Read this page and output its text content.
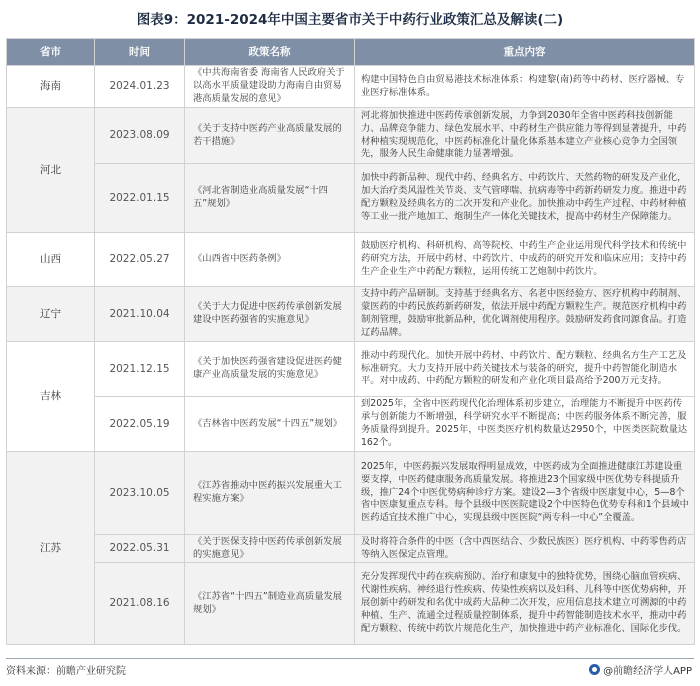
图表9：2021-2024年中国主要省市关于中药行业政策汇总及解读(二)
省市	时间	政策名称	重点内容
海南	2024.01.23	《中共海南省委 海南省人民政府关于以高水平质量建设助力海南自由贸易港高质量发展的意见》	构建中国特色自由贸易港技术标准体系：构建黎(南)药等中药材、医疗器械、专业医疗标准体系。
河北	2023.08.09	《关于支持中医药产业高质量发展的若干措施》	河北将加快推进中医药传承创新发展，力争到2030年全省中医药科技创新能力、品牌竞争能力、绿色发展水平、中药材生产供应能力等得到显著提升，中药材种植实现规范化，中医药标准化计量化体系基本建立产业核心竞争力全国领先，服务人民生命健康能力显著增强。
	2022.01.15	《河北省制造业高质量发展“十四五”规划》	加快中药新品种、现代中药、经典名方、中药饮片、天然药物的研发及产业化，加大治疗类风湿性关节炎、支气管哮喘、抗病毒等中药新药研发力度。推进中药配方颗粒及经典名方的二次开发和产业化。加快推动中药生产过程、中药材种植等工业一批产地加工、炮制生产一体化关键技术，提高中药材生产保障能力。
山西	2022.05.27	《山西省中医药条例》	鼓励医疗机构、科研机构、高等院校、中药生产企业运用现代科学技术和传统中药研究方法，开展中药材、中药饮片、中成药的研究开发和临床应用；支持中药生产企业生产中药配方颗粒，运用传统工艺炮制中药饮片。
辽宁	2021.10.04	《关于大力促进中医药传承创新发展建设中医药强省的实施意见》	支持中药产品研制。支持基于经典名方、名老中医经验方、医疗机构中药制剂、蒙医药的中药民族药新药研发，依法开展中药配方颗粒生产。规范医疗机构中药制剂管理，鼓励审批新品种，优化调剂使用程序。鼓励研发药食同源食品。打造辽药品牌。
吉林	2021.12.15	《关于加快医药强省建设促进医药健康产业高质量发展的实施意见》	推动中药现代化。加快开展中药材、中药饮片、配方颗粒、经典名方生产工艺及标准研究。大力支持开展中药关键技术与装备的研究，提升中药智能化制造水平。对中成药、中药配方颗粒的研发和产业化项目最高给予200万元支持。
	2022.05.19	《吉林省中医药发展“十四五”规划》	到2025年，全省中医药现代化治理体系初步建立，治理能力不断提升中医药传承与创新能力不断增强，科学研究水平不断提高；中医药服务体系不断完善，服务质量得到提升。2025年，中医类医疗机构数量达2950个，中医类医院数量达162个。
江苏	2023.10.05	《江苏省推动中医药振兴发展重大工程实施方案》	2025年，中医药振兴发展取得明显成效，中医药成为全面推进健康江苏建设重要支撑，中医药健康服务高质量发展。将推进23个国家级中医优势专科提质升级，推广24个中医优势病种诊疗方案。建设2—3个省级中医康复中心，5—8个省中医康复重点专科。每个县级中医医院建设2个中医特色优势专科和1个县域中医药适宜技术推广中心，实现县级中医医院“两专科一中心”全覆盖。
	2022.05.31	《关于医保支持中医药传承创新发展的实施意见》	及时将符合条件的中医（含中西医结合、少数民族医）医疗机构、中药零售药店等纳入医保定点管理。
	2021.08.16	《江苏省“十四五”制造业高质量发展规划》	充分发挥现代中药在疾病预防、治疗和康复中的独特优势，围绕心脑血管疾病、代谢性疾病、神经退行性疾病、传染性疾病以及妇科、儿科等中医优势病种，开展创新中药研发和名优中成药大品种二次开发，应用信息技术建立可溯源的中药种植、生产、流通全过程质量控制体系，提升中药智能制造技术水平，推动中药配方颗粒、传统中药饮片规范化生产，加快推进中药产业标准化、国际化步伐。
资料来源：前瞻产业研究院	@前瞻经济学人APP
